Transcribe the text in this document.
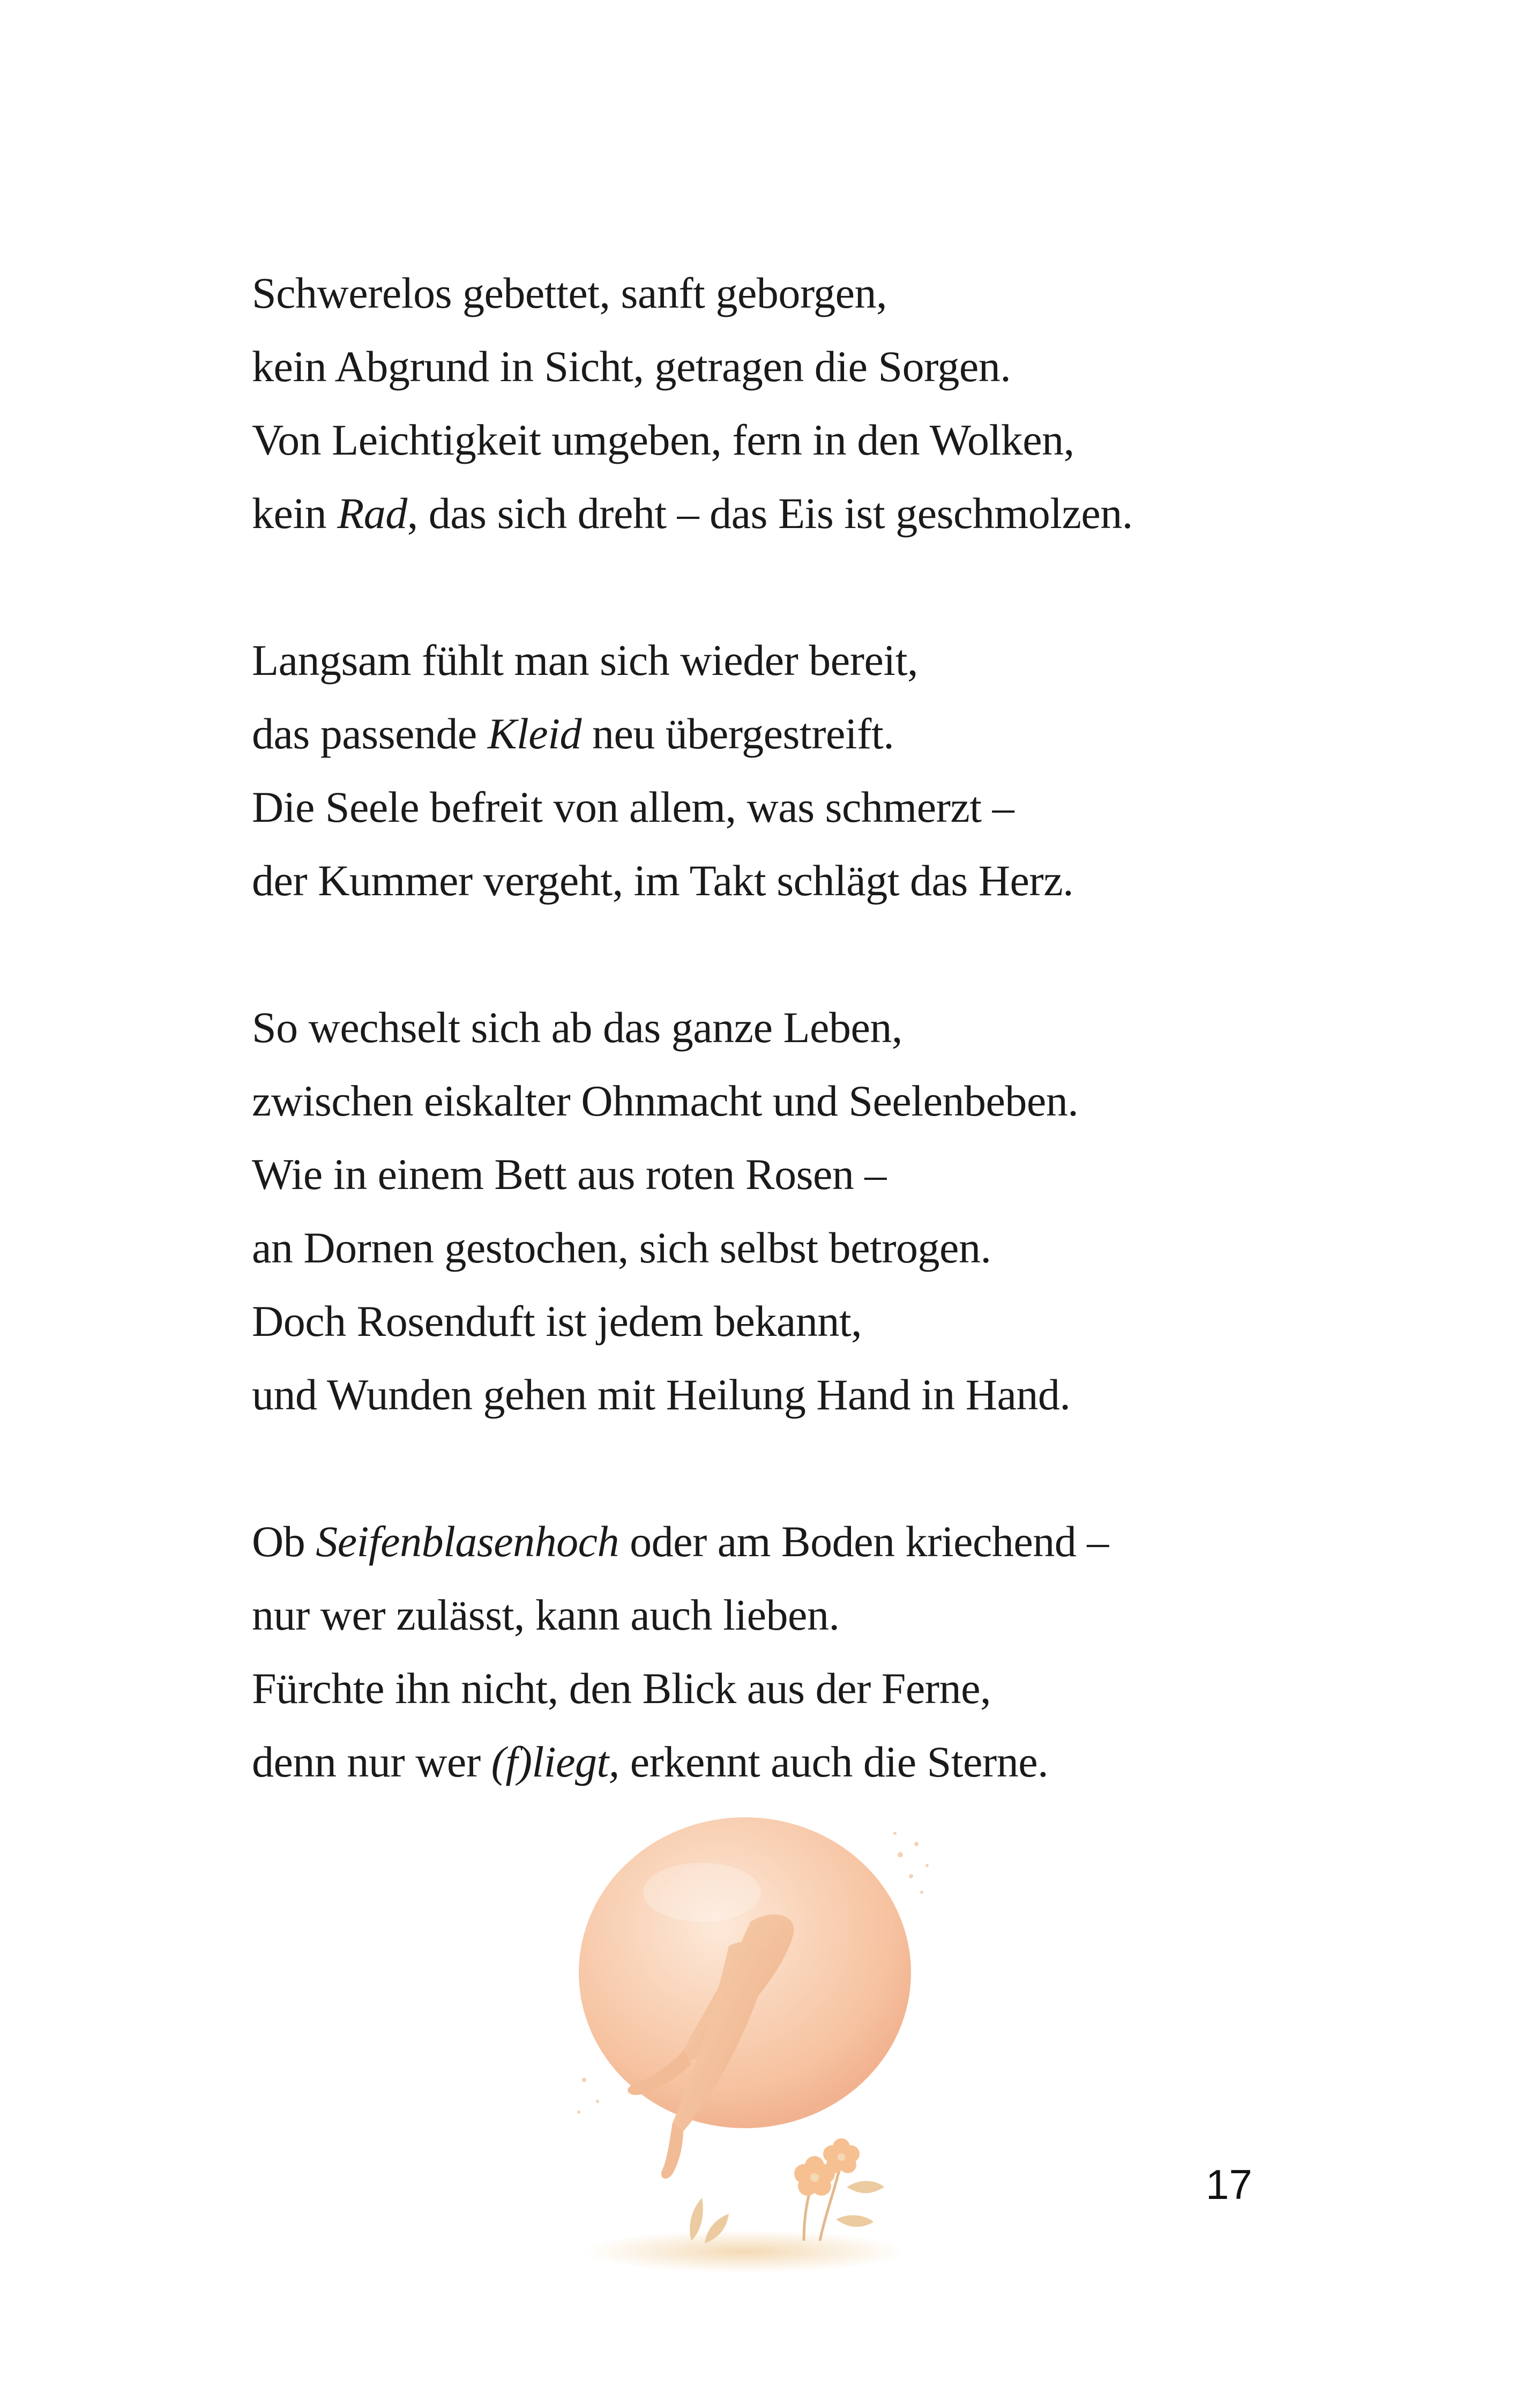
Schwerelos gebettet, sanft geborgen,
kein Abgrund in Sicht, getragen die Sorgen.
Von Leichtigkeit umgeben, fern in den Wolken,
kein Rad, das sich dreht – das Eis ist geschmolzen.
Langsam fühlt man sich wieder bereit,
das passende Kleid neu übergestreift.
Die Seele befreit von allem, was schmerzt –
der Kummer vergeht, im Takt schlägt das Herz.
So wechselt sich ab das ganze Leben,
zwischen eiskalter Ohnmacht und Seelenbeben.
Wie in einem Bett aus roten Rosen –
an Dornen gestochen, sich selbst betrogen.
Doch Rosenduft ist jedem bekannt,
und Wunden gehen mit Heilung Hand in Hand.
Ob Seifenblasenhoch oder am Boden kriechend –
nur wer zulässt, kann auch lieben.
Fürchte ihn nicht, den Blick aus der Ferne,
denn nur wer (f)liegt, erkennt auch die Sterne.
17
